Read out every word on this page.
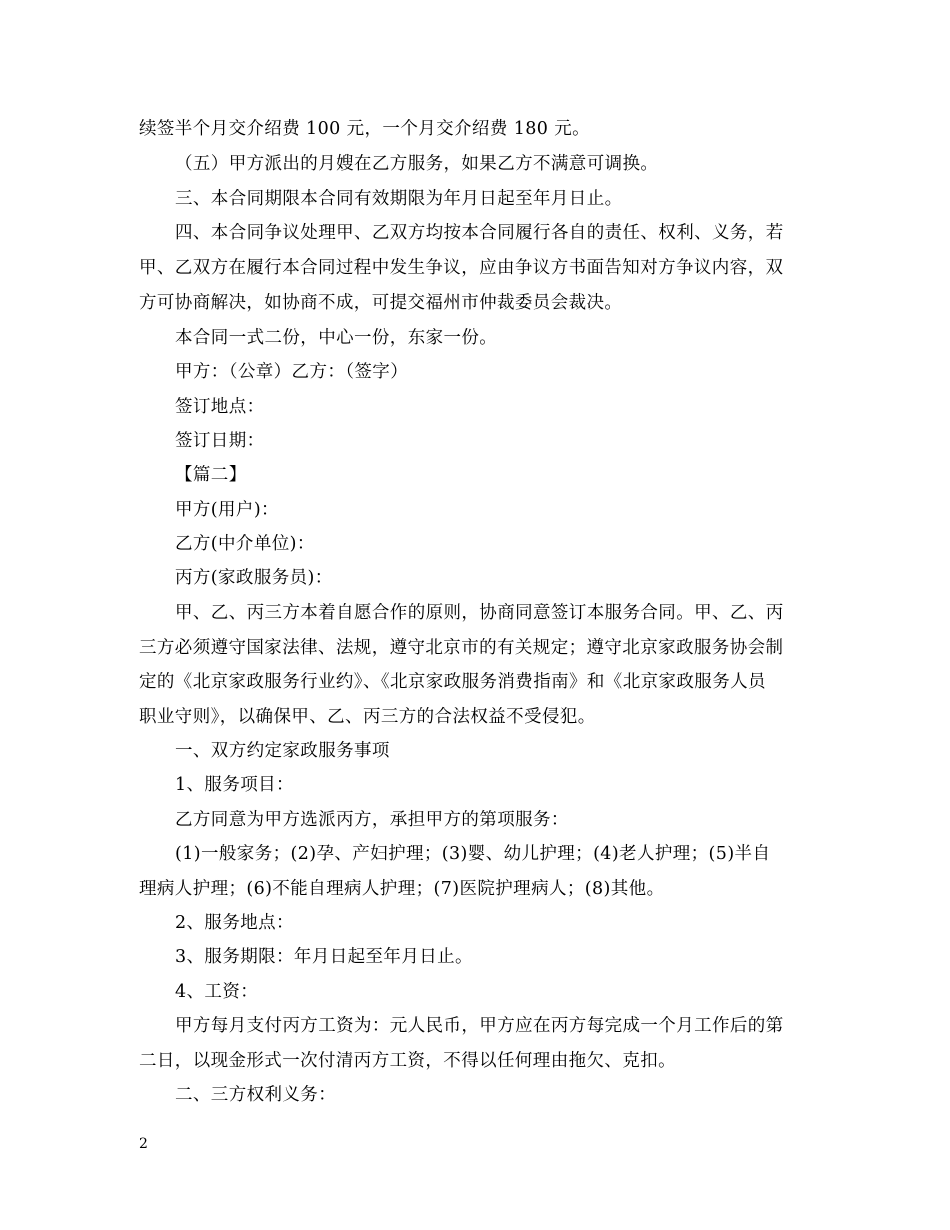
续签半个月交介绍费 100 元，一个月交介绍费 180 元。
（五）甲方派出的月嫂在乙方服务，如果乙方不满意可调换。
三、本合同期限本合同有效期限为年月日起至年月日止。
四、本合同争议处理甲、乙双方均按本合同履行各自的责任、权利、义务，若
甲、乙双方在履行本合同过程中发生争议，应由争议方书面告知对方争议内容，双
方可协商解决，如协商不成，可提交福州市仲裁委员会裁决。
本合同一式二份，中心一份，东家一份。
甲方：（公章）乙方：（签字）
签订地点：
签订日期：
【篇二】
甲方(用户)：
乙方(中介单位)：
丙方(家政服务员)：
甲、乙、丙三方本着自愿合作的原则，协商同意签订本服务合同。甲、乙、丙
三方必须遵守国家法律、法规，遵守北京市的有关规定；遵守北京家政服务协会制
定的《北京家政服务行业约》、《北京家政服务消费指南》和《北京家政服务人员
职业守则》，以确保甲、乙、丙三方的合法权益不受侵犯。
一、双方约定家政服务事项
1、服务项目：
乙方同意为甲方选派丙方，承担甲方的第项服务：
(1)一般家务；(2)孕、产妇护理；(3)婴、幼儿护理；(4)老人护理；(5)半自
理病人护理；(6)不能自理病人护理；(7)医院护理病人；(8)其他。
2、服务地点：
3、服务期限：年月日起至年月日止。
4、工资：
甲方每月支付丙方工资为：元人民币，甲方应在丙方每完成一个月工作后的第
二日，以现金形式一次付清丙方工资，不得以任何理由拖欠、克扣。
二、三方权利义务：
2
